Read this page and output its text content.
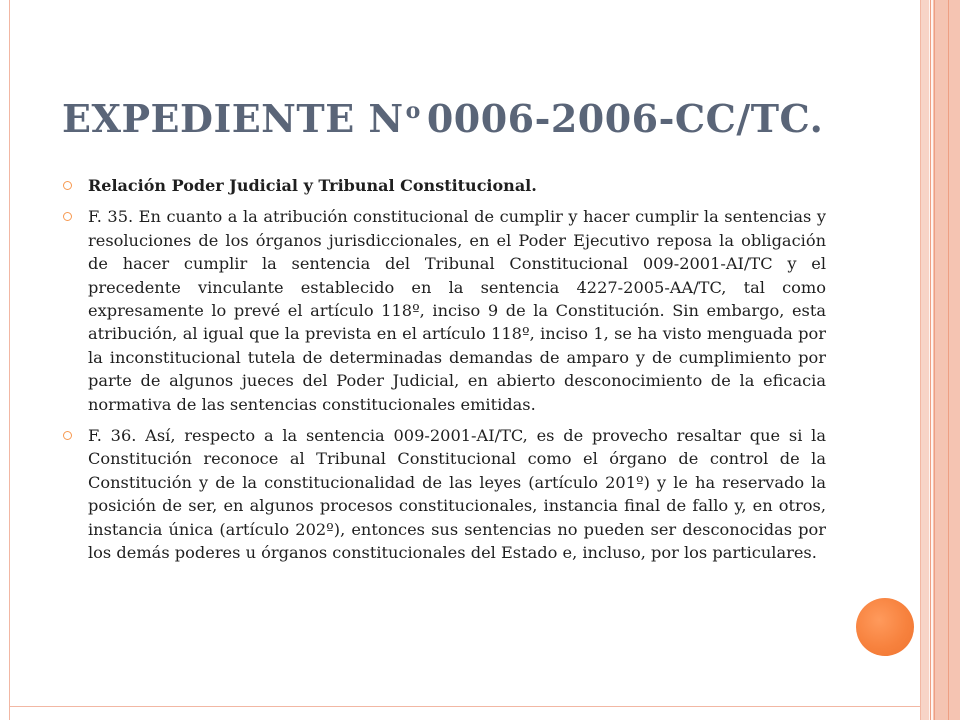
EXPEDIENTE $N^o$ 0006-2006-CC/TC.

Relación Poder Judicial y Tribunal Constitucional.

F. 35. En cuanto a la atribución constitucional de cumplir y hacer cumplir la sentencias y resoluciones de los órganos jurisdiccionales, en el Poder Ejecutivo reposa la obligación de hacer cumplir la sentencia del Tribunal Constitucional 009-2001-AI/TC y el precedente vinculante establecido en la sentencia 4227-2005-AA/TC, tal como expresamente lo prevé el artículo 118º, inciso 9 de la Constitución. Sin embargo, esta atribución, al igual que la prevista en el artículo 118º, inciso 1, se ha visto menguada por la inconstitucional tutela de determinadas demandas de amparo y de cumplimiento por parte de algunos jueces del Poder Judicial, en abierto desconocimiento de la eficacia normativa de las sentencias constitucionales emitidas.

F. 36. Así, respecto a la sentencia 009-2001-AI/TC, es de provecho resaltar que si la Constitución reconoce al Tribunal Constitucional como el órgano de control de la Constitución y de la constitucionalidad de las leyes (artículo 201º) y le ha reservado la posición de ser, en algunos procesos constitucionales, instancia final de fallo y, en otros, instancia única (artículo 202º), entonces sus sentencias no pueden ser desconocidas por los demás poderes u órganos constitucionales del Estado e, incluso, por los particulares.
